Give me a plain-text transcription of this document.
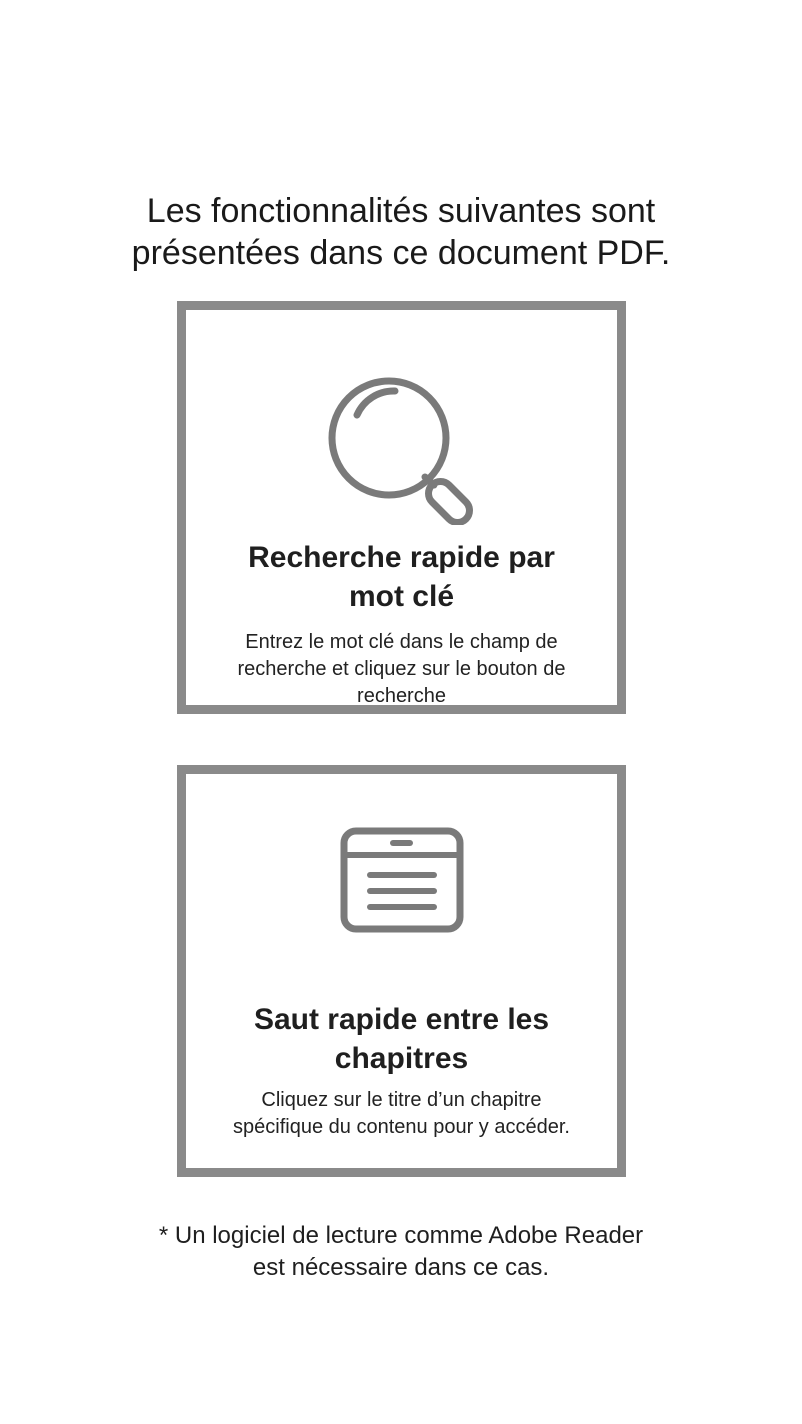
Les fonctionnalités suivantes sont
présentées dans ce document PDF.
Recherche rapide par
mot clé
Entrez le mot clé dans le champ de
recherche et cliquez sur le bouton de
recherche
Saut rapide entre les
chapitres
Cliquez sur le titre d’un chapitre
spécifique du contenu pour y accéder.
* Un logiciel de lecture comme Adobe Reader
est nécessaire dans ce cas.
